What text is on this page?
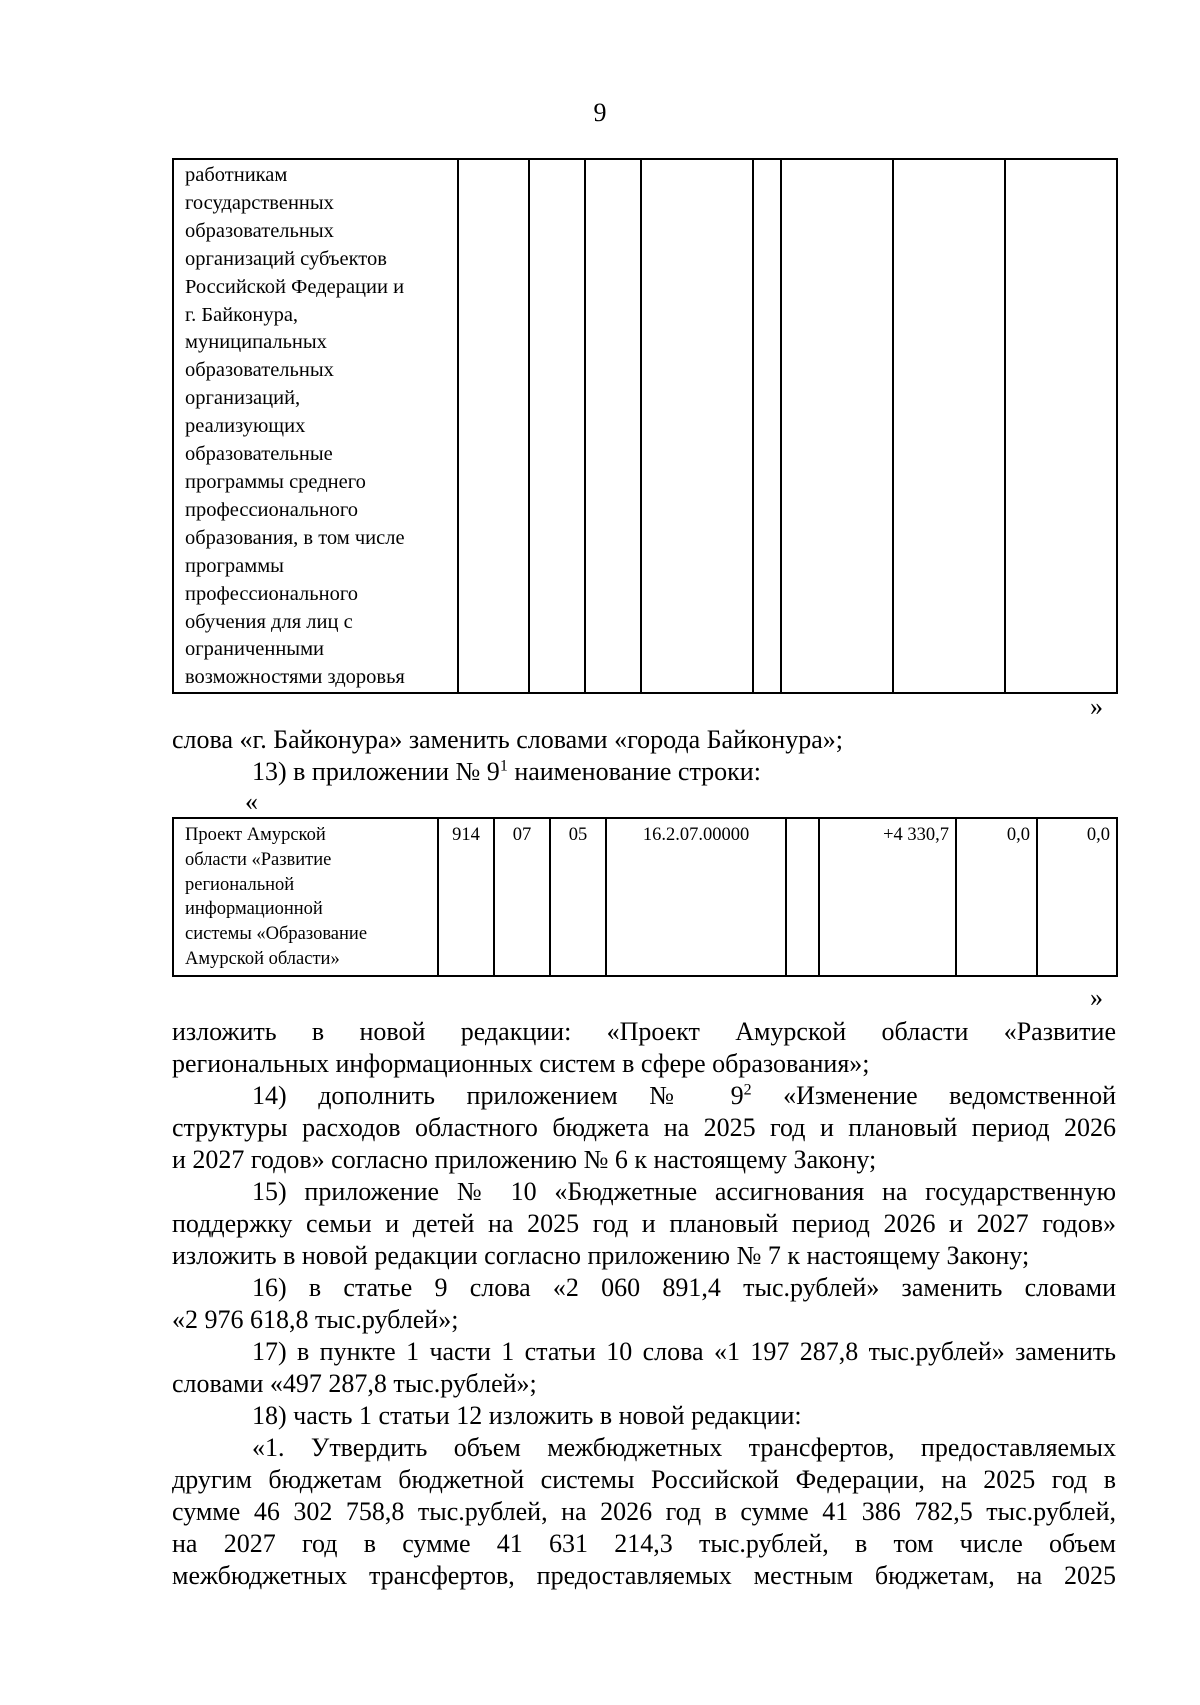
9
работникам
государственных
образовательных
организаций субъектов
Российской Федерации и
г. Байконура,
муниципальных
образовательных
организаций,
реализующих
образовательные
программы среднего
профессионального
образования, в том числе
программы
профессионального
обучения для лиц с
ограниченными
возможностями здоровья								
»
слова «г. Байконура» заменить словами «города Байконура»;
13) в приложении № $9^1$ наименование строки:
«
Проект Амурской
области «Развитие
региональной
информационной
системы «Образование
Амурской области»	914	07	05	16.2.07.00000		+4 330,7	0,0	0,0
»
изложить в новой редакции: «Проект Амурской области «Развитие
региональных информационных систем в сфере образования»;
14) дополнить приложением № $9^2$ «Изменение ведомственной
структуры расходов областного бюджета на 2025 год и плановый период 2026
и 2027 годов» согласно приложению № 6 к настоящему Закону;
15) приложение № 10 «Бюджетные ассигнования на государственную
поддержку семьи и детей на 2025 год и плановый период 2026 и 2027 годов»
изложить в новой редакции согласно приложению № 7 к настоящему Закону;
16) в статье 9 слова «2 060 891,4 тыс.рублей» заменить словами
«2 976 618,8 тыс.рублей»;
17) в пункте 1 части 1 статьи 10 слова «1 197 287,8 тыс.рублей» заменить
словами «497 287,8 тыс.рублей»;
18) часть 1 статьи 12 изложить в новой редакции:
«1. Утвердить объем межбюджетных трансфертов, предоставляемых
другим бюджетам бюджетной системы Российской Федерации, на 2025 год в
сумме 46 302 758,8 тыс.рублей, на 2026 год в сумме 41 386 782,5 тыс.рублей,
на 2027 год в сумме 41 631 214,3 тыс.рублей, в том числе объем
межбюджетных трансфертов, предоставляемых местным бюджетам, на 2025
